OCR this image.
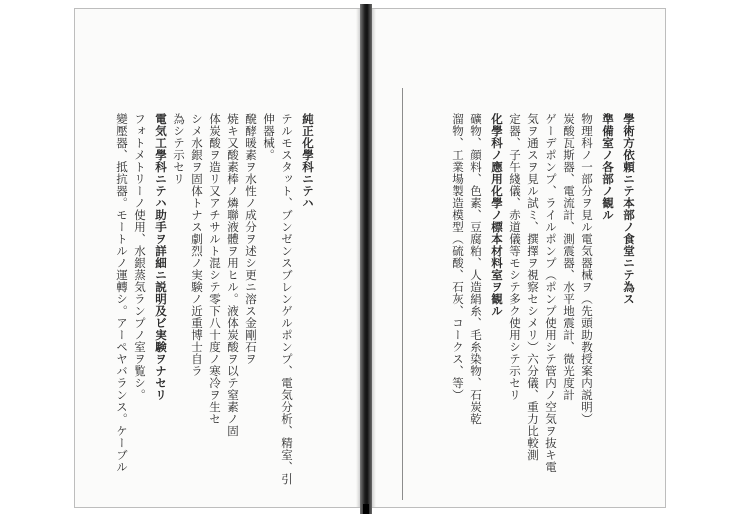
純正化學科ニテハ
テルモスタット、ブンゼンスブレンゲルポンプ、電気分析、精室、引
伸器械。
醗酵暖素ヲ水性ノ成分ヲ述シ更ニ溶ス金剛石ヲ
焼キ又酸素棒ノ燐聯液體ヲ用ヒル。液体炭酸ヲ以テ窒素ノ固
体炭酸ヲ造リ又アチサルト混シテ零下八十度ノ寒冷ヲ生セ
シメ水銀ヲ固体トナス劇烈ノ実験ノ近重博士自ラ
為シテ示セリ
電気工學科ニテハ助手ヲ詳細ニ説明及ビ実験ヲナセリ
フォトメトリーノ使用、水銀蒸気ランプノ室ヲ覧シ。
變壓器、抵抗器。モートルノ運轉シ。アーペヤバランス。ケーブル	學術方依頼ニテ本部ノ食堂ニテ為ス
準備室ノ各部ノ観ル
物理科ノ一部分ヲ見ル電気器械ヲ（先頭助教授案内説明）
炭酸瓦斯器、電流計、測震器、水平地震計、微光度計
ゲーデポンプ、ライルポンプ（ポンプ使用シテ管内ノ空気ヲ抜キ電
気ヲ通スヲ見ル試ミ、撰擇ヲ視察セシメリ）六分儀、重力比較測
定器、子午綫儀、赤道儀等モシテ多ク使用シテ示セリ
化學科ノ應用化學ノ標本材料室ヲ観ル
礦物、顔料、色素、豆腐粕、人造絹糸、毛糸染物、石炭乾
溜物、工業場製造模型（硫酸、石灰、コークス、等）
